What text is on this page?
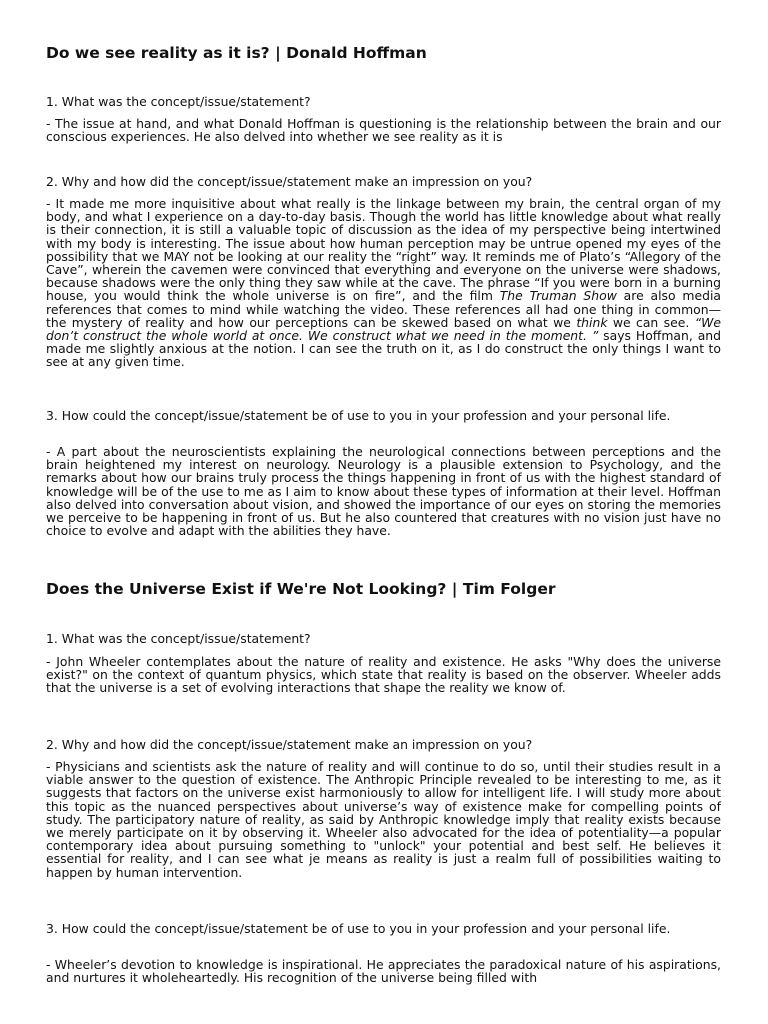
Do we see reality as it is? | Donald Hoffman

1. What was the concept/issue/statement?

- The issue at hand, and what Donald Hoffman is questioning is the relationship between the brain and our conscious experiences. He also delved into whether we see reality as it is

2. Why and how did the concept/issue/statement make an impression on you?

- It made me more inquisitive about what really is the linkage between my brain, the central organ of my body, and what I experience on a day-to-day basis. Though the world has little knowledge about what really is their connection, it is still a valuable topic of discussion as the idea of my perspective being intertwined with my body is interesting. The issue about how human perception may be untrue opened my eyes of the possibility that we MAY not be looking at our reality the “right” way. It reminds me of Plato’s “Allegory of the Cave”, wherein the cavemen were convinced that everything and everyone on the universe were shadows, because shadows were the only thing they saw while at the cave. The phrase “If you were born in a burning house, you would think the whole universe is on fire”, and the film The Truman Show are also media references that comes to mind while watching the video. These references all had one thing in common—the mystery of reality and how our perceptions can be skewed based on what we think we can see. “We don’t construct the whole world at once. We construct what we need in the moment. ” says Hoffman, and made me slightly anxious at the notion. I can see the truth on it, as I do construct the only things I want to see at any given time.

3. How could the concept/issue/statement be of use to you in your profession and your personal life.

- A part about the neuroscientists explaining the neurological connections between perceptions and the brain heightened my interest on neurology. Neurology is a plausible extension to Psychology, and the remarks about how our brains truly process the things happening in front of us with the highest standard of knowledge will be of the use to me as I aim to know about these types of information at their level. Hoffman also delved into conversation about vision, and showed the importance of our eyes on storing the memories we perceive to be happening in front of us. But he also countered that creatures with no vision just have no choice to evolve and adapt with the abilities they have.

Does the Universe Exist if We're Not Looking? | Tim Folger

1. What was the concept/issue/statement?

- John Wheeler contemplates about the nature of reality and existence. He asks "Why does the universe exist?" on the context of quantum physics, which state that reality is based on the observer. Wheeler adds that the universe is a set of evolving interactions that shape the reality we know of.

2. Why and how did the concept/issue/statement make an impression on you?

- Physicians and scientists ask the nature of reality and will continue to do so, until their studies result in a viable answer to the question of existence. The Anthropic Principle revealed to be interesting to me, as it suggests that factors on the universe exist harmoniously to allow for intelligent life. I will study more about this topic as the nuanced perspectives about universe’s way of existence make for compelling points of study. The participatory nature of reality, as said by Anthropic knowledge imply that reality exists because we merely participate on it by observing it. Wheeler also advocated for the idea of potentiality—a popular contemporary idea about pursuing something to "unlock" your potential and best self. He believes it essential for reality, and I can see what je means as reality is just a realm full of possibilities waiting to happen by human intervention.

3. How could the concept/issue/statement be of use to you in your profession and your personal life.

- Wheeler’s devotion to knowledge is inspirational. He appreciates the paradoxical nature of his aspirations, and nurtures it wholeheartedly. His recognition of the universe being filled with
